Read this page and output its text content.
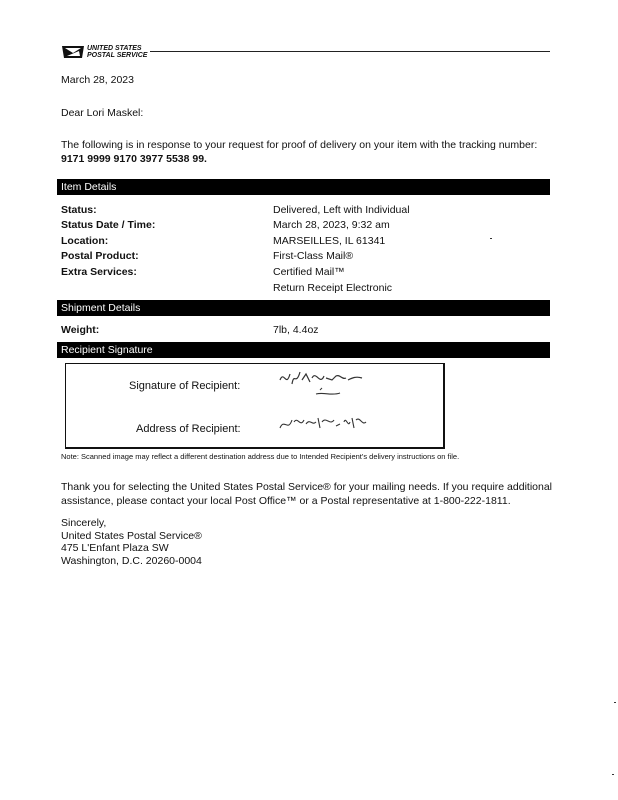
UNITED STATES
POSTAL SERVICE
March 28, 2023
Dear Lori Maskel:
The following is in response to your request for proof of delivery on your item with the tracking number:
9171 9999 9170 3977 5538 99.
Item Details
Status:	Delivered, Left with Individual
Status Date / Time:	March 28, 2023, 9:32 am
Location:	MARSEILLES, IL 61341
Postal Product:	First-Class Mail®
Extra Services:	Certified Mail™
Return Receipt Electronic
Shipment Details
Weight:	7lb, 4.4oz
Recipient Signature
Signature of Recipient:
Address of Recipient:
Note: Scanned image may reflect a different destination address due to Intended Recipient's delivery instructions on file.
Thank you for selecting the United States Postal Service® for your mailing needs. If you require additional assistance, please contact your local Post Office™ or a Postal representative at 1-800-222-1811.
Sincerely,
United States Postal Service®
475 L'Enfant Plaza SW
Washington, D.C. 20260-0004
